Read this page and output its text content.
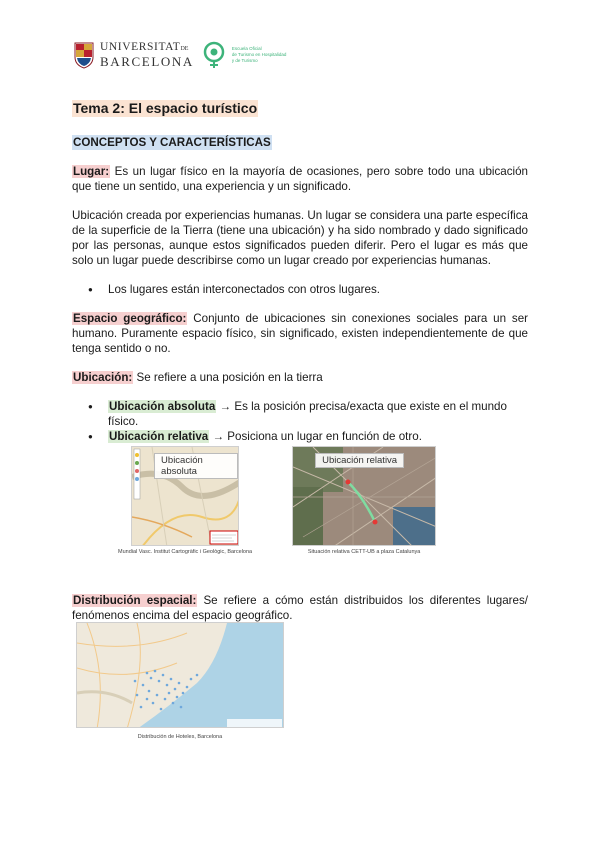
UNIVERSITATDE
BARCELONA
Escuela Oficial
de Turismo en Hospitalidad
y de Turismo
Tema 2: El espacio turístico
CONCEPTOS Y CARACTERÍSTICAS

Lugar: Es un lugar físico en la mayoría de ocasiones, pero sobre todo una ubicación que tiene un sentido, una experiencia y un significado.

Ubicación creada por experiencias humanas. Un lugar se considera una parte específica de la superficie de la Tierra (tiene una ubicación) y ha sido nombrado y dado significado por las personas, aunque estos significados pueden diferir. Pero el lugar es más que solo un lugar puede describirse como un lugar creado por experiencias humanas.

● Los lugares están interconectados con otros lugares.

Espacio geográfico: Conjunto de ubicaciones sin conexiones sociales para un ser humano. Puramente espacio físico, sin significado, existen independientemente de que tenga sentido o no.

Ubicación: Se refiere a una posición en la tierra

● Ubicación absoluta → Es la posición precisa/exacta que existe en el mundo físico.
● Ubicación relativa → Posiciona un lugar en función de otro.

Distribución espacial: Se refiere a cómo están distribuidos los diferentes lugares/ fenómenos encima del espacio geográfico.

Ubicación absoluta
Mundial Vasc. Institut Cartogràfic i Geològic, Barcelona
Ubicación relativa
Situación relativa CETT-UB a plaza Catalunya
Distribución de Hoteles, Barcelona
